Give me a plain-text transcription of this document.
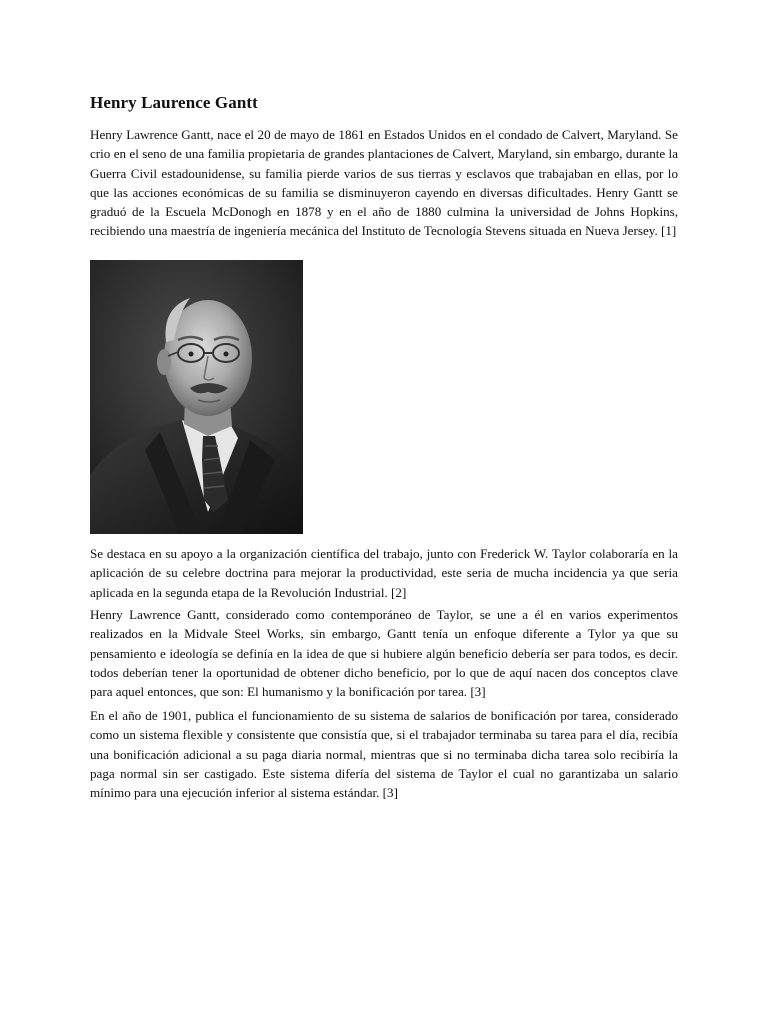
Henry Laurence Gantt

Henry Lawrence Gantt, nace el 20 de mayo de 1861 en Estados Unidos en el condado de Calvert, Maryland. Se crio en el seno de una familia propietaria de grandes plantaciones de Calvert, Maryland, sin embargo, durante la Guerra Civil estadounidense, su familia pierde varios de sus tierras y esclavos que trabajaban en ellas, por lo que las acciones económicas de su familia se disminuyeron cayendo en diversas dificultades. Henry Gantt se graduó de la Escuela McDonogh en 1878 y en el año de 1880 culmina la universidad de Johns Hopkins, recibiendo una maestría de ingeniería mecánica del Instituto de Tecnología Stevens situada en Nueva Jersey. [1]

Se destaca en su apoyo a la organización científica del trabajo, junto con Frederick W. Taylor colaboraría en la aplicación de su celebre doctrina para mejorar la productividad, este seria de mucha incidencia ya que seria aplicada en la segunda etapa de la Revolución Industrial. [2]

Henry Lawrence Gantt, considerado como contemporáneo de Taylor, se une a él en varios experimentos realizados en la Midvale Steel Works, sin embargo, Gantt tenía un enfoque diferente a Tylor ya que su pensamiento e ideología se definía en la idea de que si hubiere algún beneficio debería ser para todos, es decir. todos deberían tener la oportunidad de obtener dicho beneficio, por lo que de aquí nacen dos conceptos clave para aquel entonces, que son: El humanismo y la bonificación por tarea. [3]

En el año de 1901, publica el funcionamiento de su sistema de salarios de bonificación por tarea, considerado como un sistema flexible y consistente que consistía que, si el trabajador terminaba su tarea para el día, recibía una bonificación adicional a su paga diaria normal, mientras que si no terminaba dicha tarea solo recibiría la paga normal sin ser castigado. Este sistema difería del sistema de Taylor el cual no garantizaba un salario mínimo para una ejecución inferior al sistema estándar. [3]
